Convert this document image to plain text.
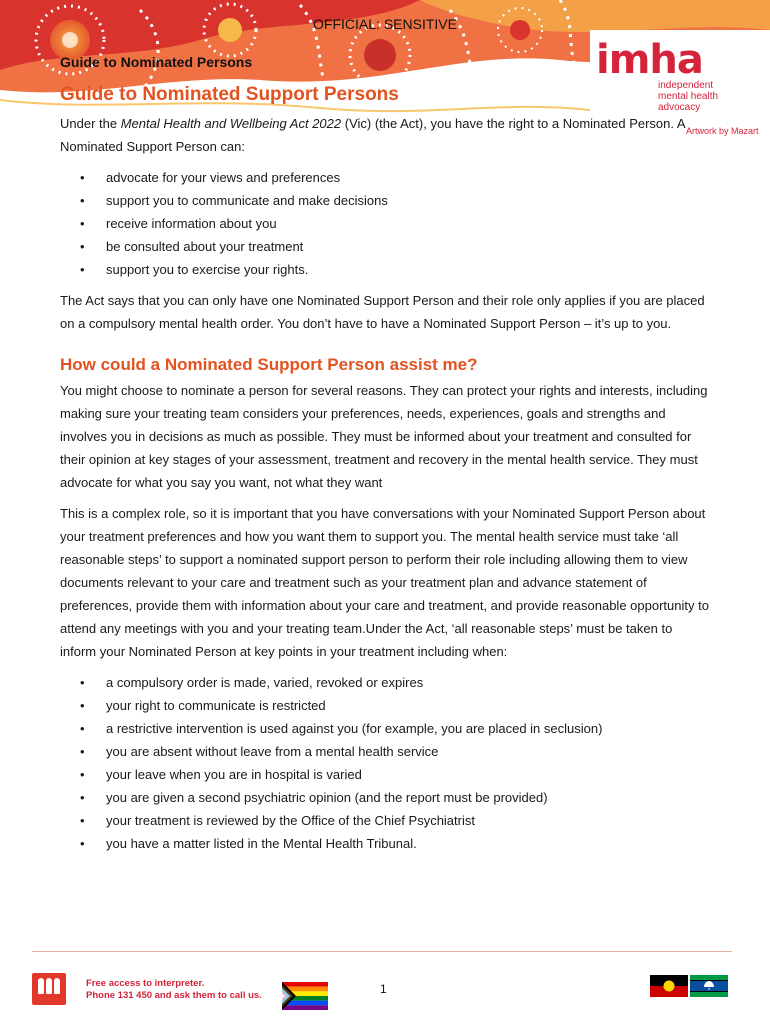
OFFICIAL: SENSITIVE
Guide to Nominated Persons
Guide to Nominated Support Persons
imha
independent
mental health
advocacy
Artwork by Mazart

Under the Mental Health and Wellbeing Act 2022 (Vic) (the Act), you have the right to a Nominated Person. A Nominated Support Person can:

• advocate for your views and preferences
• support you to communicate and make decisions
• receive information about you
• be consulted about your treatment
• support you to exercise your rights.

The Act says that you can only have one Nominated Support Person and their role only applies if you are placed on a compulsory mental health order. You don’t have to have a Nominated Support Person – it’s up to you.

How could a Nominated Support Person assist me?

You might choose to nominate a person for several reasons. They can protect your rights and interests, including making sure your treating team considers your preferences, needs, experiences, goals and strengths and involves you in decisions as much as possible. They must be informed about your treatment and consulted for their opinion at key stages of your assessment, treatment and recovery in the mental health service. They must advocate for what you say you want, not what they want

This is a complex role, so it is important that you have conversations with your Nominated Support Person about your treatment preferences and how you want them to support you. The mental health service must take ‘all reasonable steps’ to support a nominated support person to perform their role including allowing them to view documents relevant to your care and treatment such as your treatment plan and advance statement of preferences, provide them with information about your care and treatment, and provide reasonable opportunity to attend any meetings with you and your treating team.Under the Act, ‘all reasonable steps’ must be taken to inform your Nominated Person at key points in your treatment including when:

• a compulsory order is made, varied, revoked or expires
• your right to communicate is restricted
• a restrictive intervention is used against you (for example, you are placed in seclusion)
• you are absent without leave from a mental health service
• your leave when you are in hospital is varied
• you are given a second psychiatric opinion (and the report must be provided)
• your treatment is reviewed by the Office of the Chief Psychiatrist
• you have a matter listed in the Mental Health Tribunal.
Free access to interpreter.
Phone 131 450 and ask them to call us.	1
